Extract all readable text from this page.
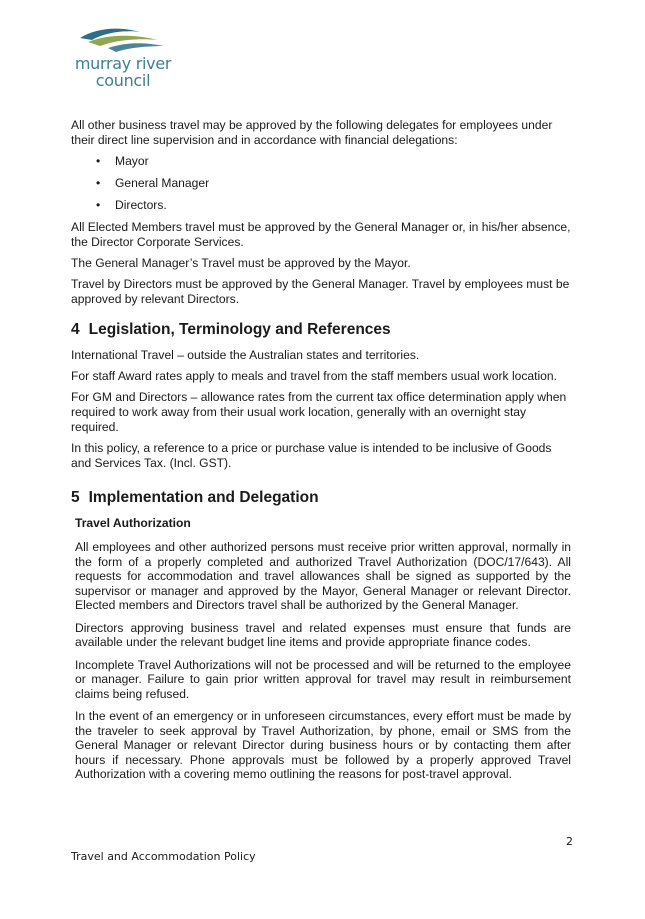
murray river
council

All other business travel may be approved by the following delegates for employees under their direct line supervision and in accordance with financial delegations:

• Mayor
• General Manager
• Directors.

All Elected Members travel must be approved by the General Manager or, in his/her absence, the Director Corporate Services.

The General Manager’s Travel must be approved by the Mayor.

Travel by Directors must be approved by the General Manager. Travel by employees must be approved by relevant Directors.

4 Legislation, Terminology and References

International Travel – outside the Australian states and territories.

For staff Award rates apply to meals and travel from the staff members usual work location.

For GM and Directors – allowance rates from the current tax office determination apply when required to work away from their usual work location, generally with an overnight stay required.

In this policy, a reference to a price or purchase value is intended to be inclusive of Goods and Services Tax. (Incl. GST).

5 Implementation and Delegation
Travel Authorization

All employees and other authorized persons must receive prior written approval, normally in the form of a properly completed and authorized Travel Authorization (DOC/17/643). All requests for accommodation and travel allowances shall be signed as supported by the supervisor or manager and approved by the Mayor, General Manager or relevant Director. Elected members and Directors travel shall be authorized by the General Manager.

Directors approving business travel and related expenses must ensure that funds are available under the relevant budget line items and provide appropriate finance codes.

Incomplete Travel Authorizations will not be processed and will be returned to the employee or manager. Failure to gain prior written approval for travel may result in reimbursement claims being refused.

In the event of an emergency or in unforeseen circumstances, every effort must be made by the traveler to seek approval by Travel Authorization, by phone, email or SMS from the General Manager or relevant Director during business hours or by contacting them after hours if necessary. Phone approvals must be followed by a properly approved Travel Authorization with a covering memo outlining the reasons for post-travel approval.

2
Travel and Accommodation Policy
